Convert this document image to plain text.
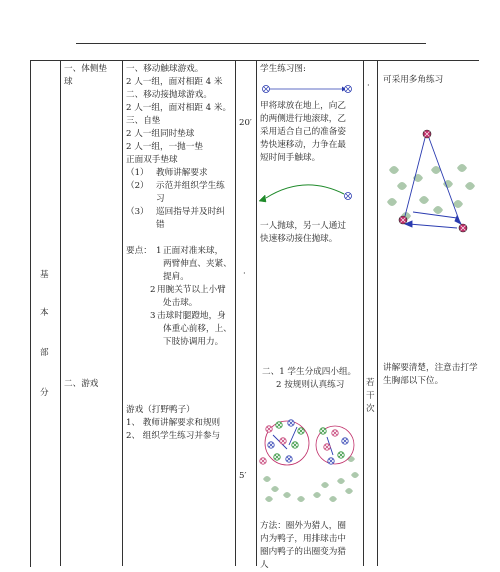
基
本
部
分
一、体侧垫
球
二、游戏
一、移动触球游戏。
2 人一组，面对相距 4 米
二、移动接抛球游戏。
2 人一组，面对相距 4 米。
三、自垫
2 人一组同时垫球
2 人一组，一抛一垫
正面双手垫球
（1） 教师讲解要求
（2） 示范并组织学生练
习
（3） 巡回指导并及时纠
错
要点： 1 正面对准来球，
两臂伸直、夹紧、
提肩。
2 用腕关节以上小臂
处击球。
3 击球时腿蹬地，身
体重心前移，上、
下肢协调用力。
游戏（打野鸭子）
1、 教师讲解要求和规则
2、 组织学生练习并参与
20′
·
5′
学生练习图:
甲将球放在地上，向乙
的两侧进行地滚球，乙
采用适合自己的准备姿
势快速移动，力争在最
短时间手触球。
一人抛球，另一人通过
快速移动接住抛球。
二、1 学生分成四小组。
2 按规则认真练习
方法：圈外为猎人，圈
内为鸭子，用排球击中
圈内鸭子的出圈变为猎
人
·
若
干
次
可采用多角练习
讲解要清楚，注意击打学
生胸部以下位。
